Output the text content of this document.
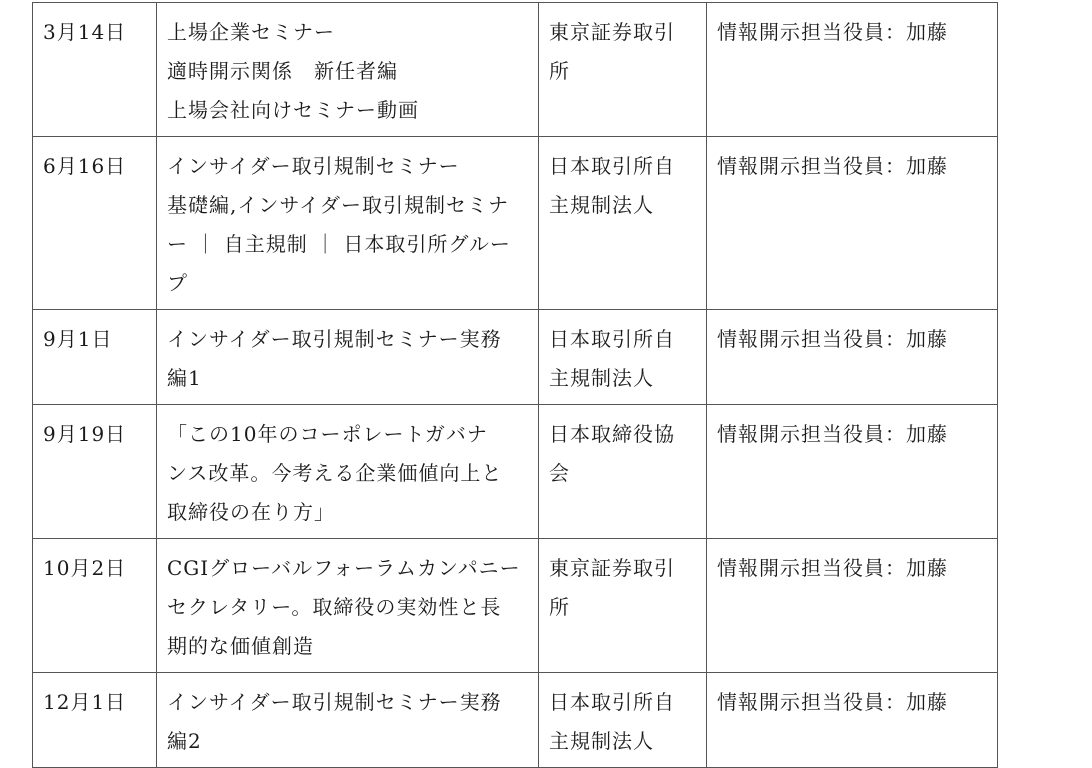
3月14日	上場企業セミナー
適時開示関係　新任者編
上場会社向けセミナー動画	東京証券取引
所	情報開示担当役員：加藤
6月16日	インサイダー取引規制セミナー
基礎編,インサイダー取引規制セミナ
ー ｜ 自主規制 ｜ 日本取引所グルー
プ	日本取引所自
主規制法人	情報開示担当役員：加藤
9月1日	インサイダー取引規制セミナー実務
編1	日本取引所自
主規制法人	情報開示担当役員：加藤
9月19日	「この10年のコーポレートガバナ
ンス改革。今考える企業価値向上と
取締役の在り方」	日本取締役協
会	情報開示担当役員：加藤
10月2日	CGIグローバルフォーラムカンパニー
セクレタリー。取締役の実効性と長
期的な価値創造	東京証券取引
所	情報開示担当役員：加藤
12月1日	インサイダー取引規制セミナー実務
編2	日本取引所自
主規制法人	情報開示担当役員：加藤
